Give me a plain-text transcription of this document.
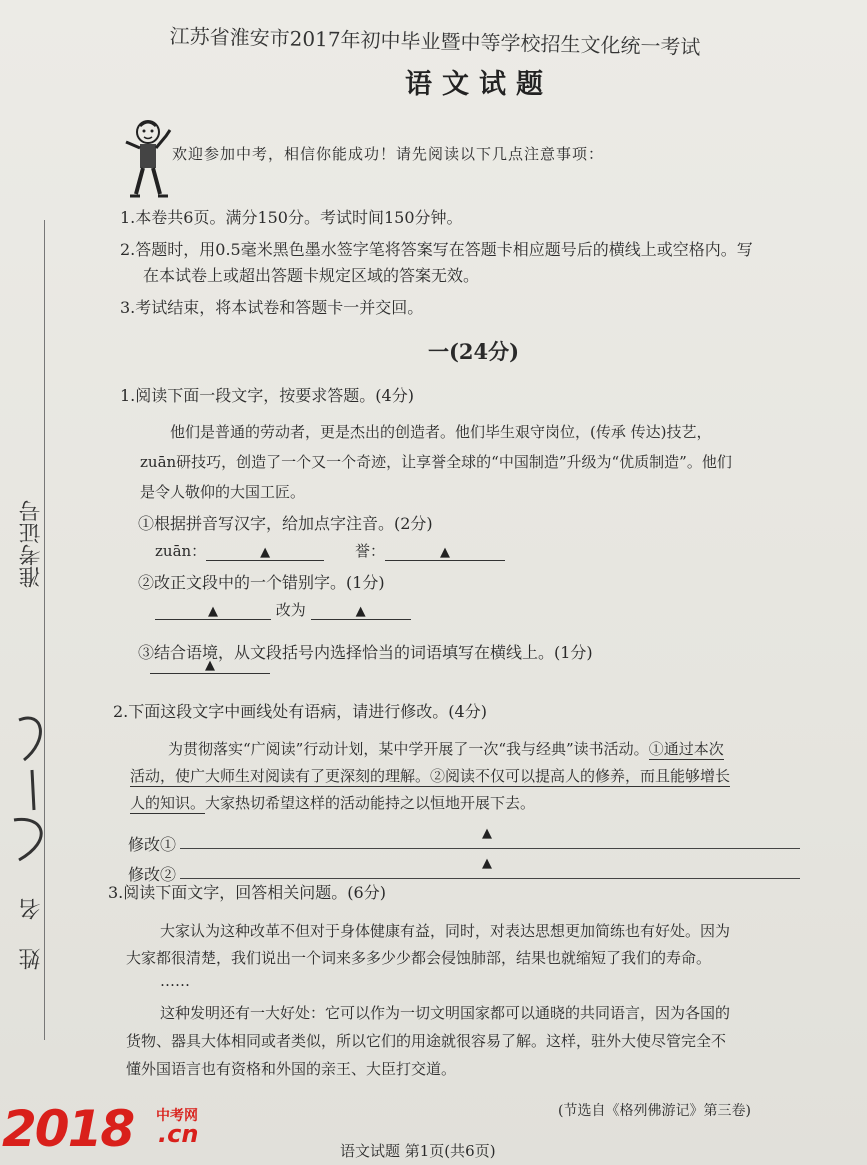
准考证号
姓名
江苏省淮安市2017年初中毕业暨中等学校招生文化统一考试
语文试题
欢迎参加中考，相信你能成功！请先阅读以下几点注意事项：
1.本卷共6页。满分150分。考试时间150分钟。
2.答题时，用0.5毫米黑色墨水签字笔将答案写在答题卡相应题号后的横线上或空格内。写
在本试卷上或超出答题卡规定区域的答案无效。
3.考试结束，将本试卷和答题卡一并交回。
一(24分)
1.阅读下面一段文字，按要求答题。(4分)
他们是普通的劳动者，更是杰出的创造者。他们毕生艰守岗位，(传承 传达)技艺，
zuān研技巧，创造了一个又一个奇迹，让享誉全球的“中国制造”升级为“优质制造”。他们
是令人敬仰的大国工匠。
①根据拼音写汉字，给加点字注音。(2分)
zuān：	▲	誉：	▲
②改正文段中的一个错别字。(1分)
▲	改为	▲
③结合语境，从文段括号内选择恰当的词语填写在横线上。(1分)
▲
2.下面这段文字中画线处有语病，请进行修改。(4分)
为贯彻落实“广阅读”行动计划，某中学开展了一次“我与经典”读书活动。①通过本次
活动，使广大师生对阅读有了更深刻的理解。②阅读不仅可以提高人的修养，而且能够增长
人的知识。大家热切希望这样的活动能持之以恒地开展下去。
修改①
▲
修改②
▲
3.阅读下面文字，回答相关问题。(6分)
大家认为这种改革不但对于身体健康有益，同时，对表达思想更加简练也有好处。因为
大家都很清楚，我们说出一个词来多多少少都会侵蚀肺部，结果也就缩短了我们的寿命。
……
这种发明还有一大好处：它可以作为一切文明国家都可以通晓的共同语言，因为各国的
货物、器具大体相同或者类似，所以它们的用途就很容易了解。这样，驻外大使尽管完全不
懂外国语言也有资格和外国的亲王、大臣打交道。
(节选自《格列佛游记》第三卷)
语文试题 第1页(共6页)
2018 中考网
.cn
